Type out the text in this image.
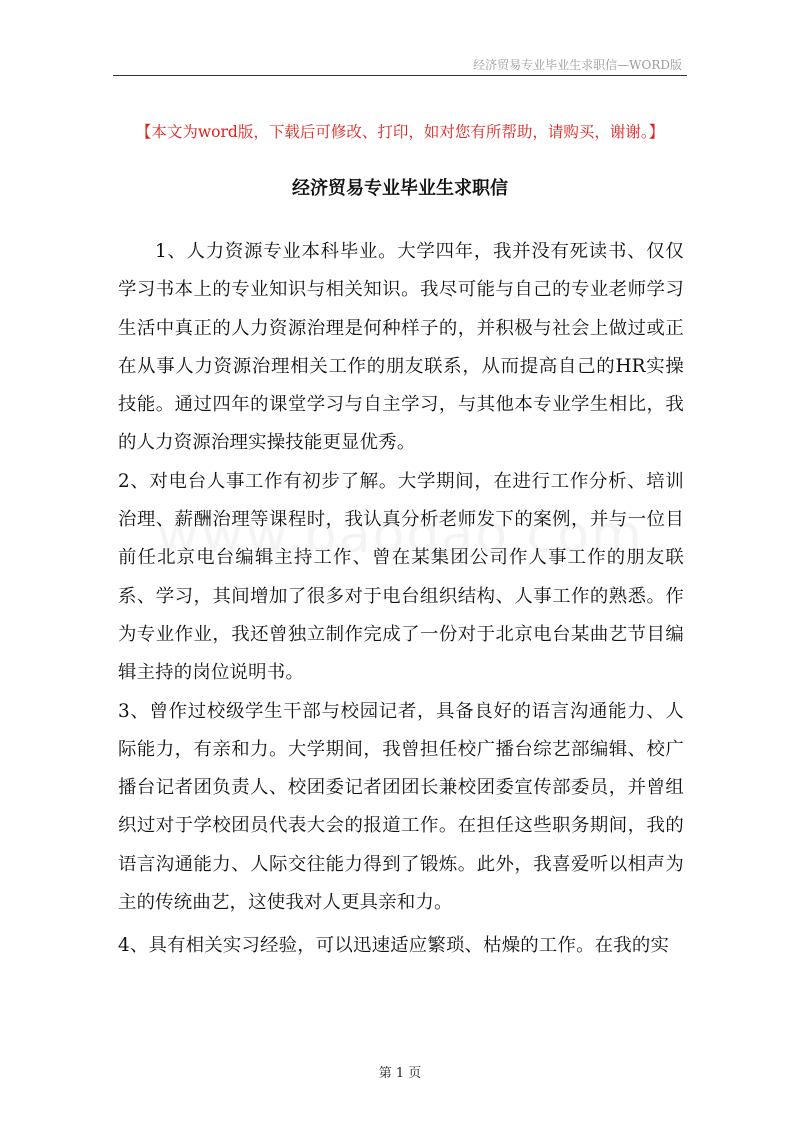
经济贸易专业毕业生求职信—WORD版
【本文为word版，下载后可修改、打印，如对您有所帮助，请购买，谢谢。】
经济贸易专业毕业生求职信

1、人力资源专业本科毕业。大学四年，我并没有死读书、仅仅学习书本上的专业知识与相关知识。我尽可能与自己的专业老师学习生活中真正的人力资源治理是何种样子的，并积极与社会上做过或正在从事人力资源治理相关工作的朋友联系，从而提高自己的HR实操技能。通过四年的课堂学习与自主学习，与其他本专业学生相比，我的人力资源治理实操技能更显优秀。

2、对电台人事工作有初步了解。大学期间，在进行工作分析、培训治理、薪酬治理等课程时，我认真分析老师发下的案例，并与一位目前任北京电台编辑主持工作、曾在某集团公司作人事工作的朋友联系、学习，其间增加了很多对于电台组织结构、人事工作的熟悉。作为专业作业，我还曾独立制作完成了一份对于北京电台某曲艺节目编辑主持的岗位说明书。

3、曾作过校级学生干部与校园记者，具备良好的语言沟通能力、人际能力，有亲和力。大学期间，我曾担任校广播台综艺部编辑、校广播台记者团负责人、校团委记者团团长兼校团委宣传部委员，并曾组织过对于学校团员代表大会的报道工作。在担任这些职务期间，我的语言沟通能力、人际交往能力得到了锻炼。此外，我喜爱听以相声为主的传统曲艺，这使我对人更具亲和力。

4、具有相关实习经验，可以迅速适应繁琐、枯燥的工作。在我的实

第 1 页
